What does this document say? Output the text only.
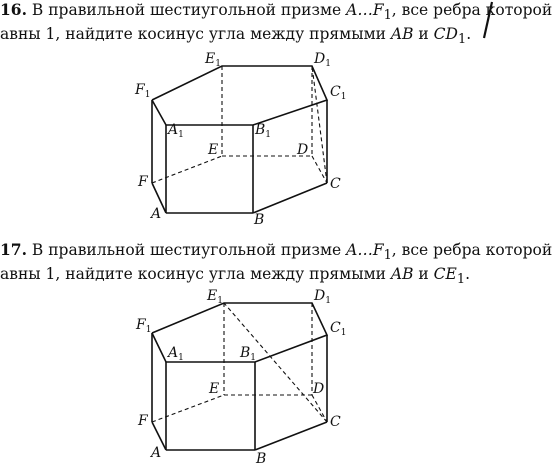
16. В правильной шестиугольной призме $A\dots F_1$, все ребра которой
авны 1, найдите косинус угла между прямыми AB и $CD_1$.
$E_1$	$D_1$
$F_1$	$C_1$
$A_1$	$B_1$
E	D
F	C
A	B
17. В правильной шестиугольной призме $A\dots F_1$, все ребра которой
авны 1, найдите косинус угла между прямыми AB и $CE_1$.
$E_1$	$D_1$
$F_1$	$C_1$
$A_1$	$B_1$
E	D
F	C
A	B
